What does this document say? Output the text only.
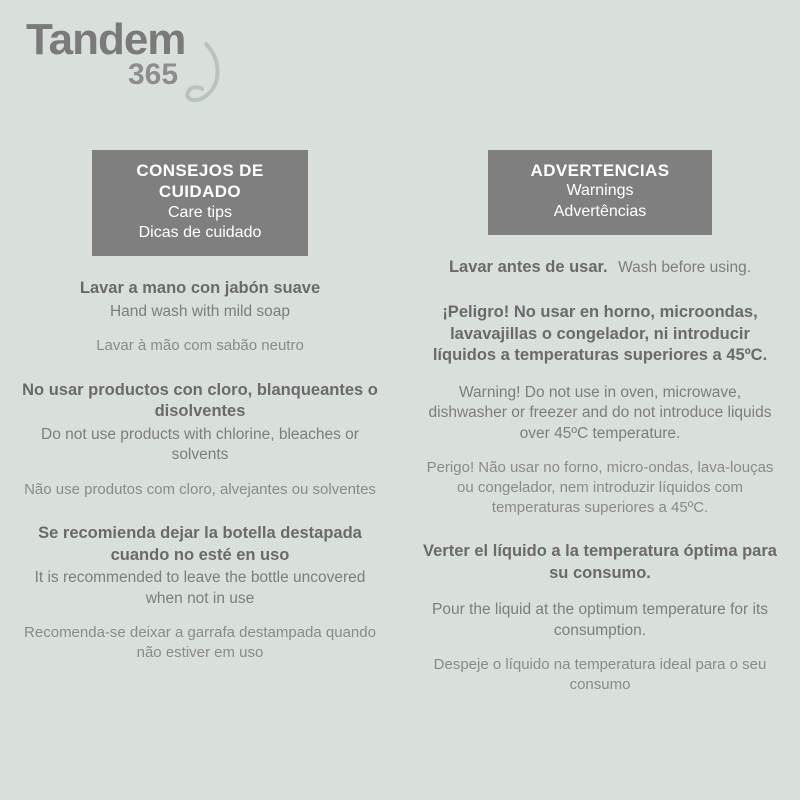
Tandem
365
CONSEJOS DE CUIDADO
Care tips
Dicas de cuidado
Lavar a mano con jabón suave
Hand wash with mild soap
Lavar à mão com sabão neutro
No usar productos con cloro, blanqueantes o disolventes
Do not use products with chlorine, bleaches or solvents
Não use produtos com cloro, alvejantes ou solventes
Se recomienda dejar la botella destapada cuando no esté en uso
It is recommended to leave the bottle uncovered when not in use
Recomenda-se deixar a garrafa destampada quando não estiver em uso
ADVERTENCIAS
Warnings
Advertências
Lavar antes de usar. Wash before using.
¡Peligro! No usar en horno, microondas, lavavajillas o congelador, ni introducir líquidos a temperaturas superiores a 45ºC.
Warning! Do not use in oven, microwave, dishwasher or freezer and do not introduce liquids over 45ºC temperature.
Perigo! Não usar no forno, micro-ondas, lava-louças ou congelador, nem introduzir líquidos com temperaturas superiores a 45ºC.
Verter el líquido a la temperatura óptima para su consumo.
Pour the liquid at the optimum temperature for its consumption.
Despeje o líquido na temperatura ideal para o seu consumo
